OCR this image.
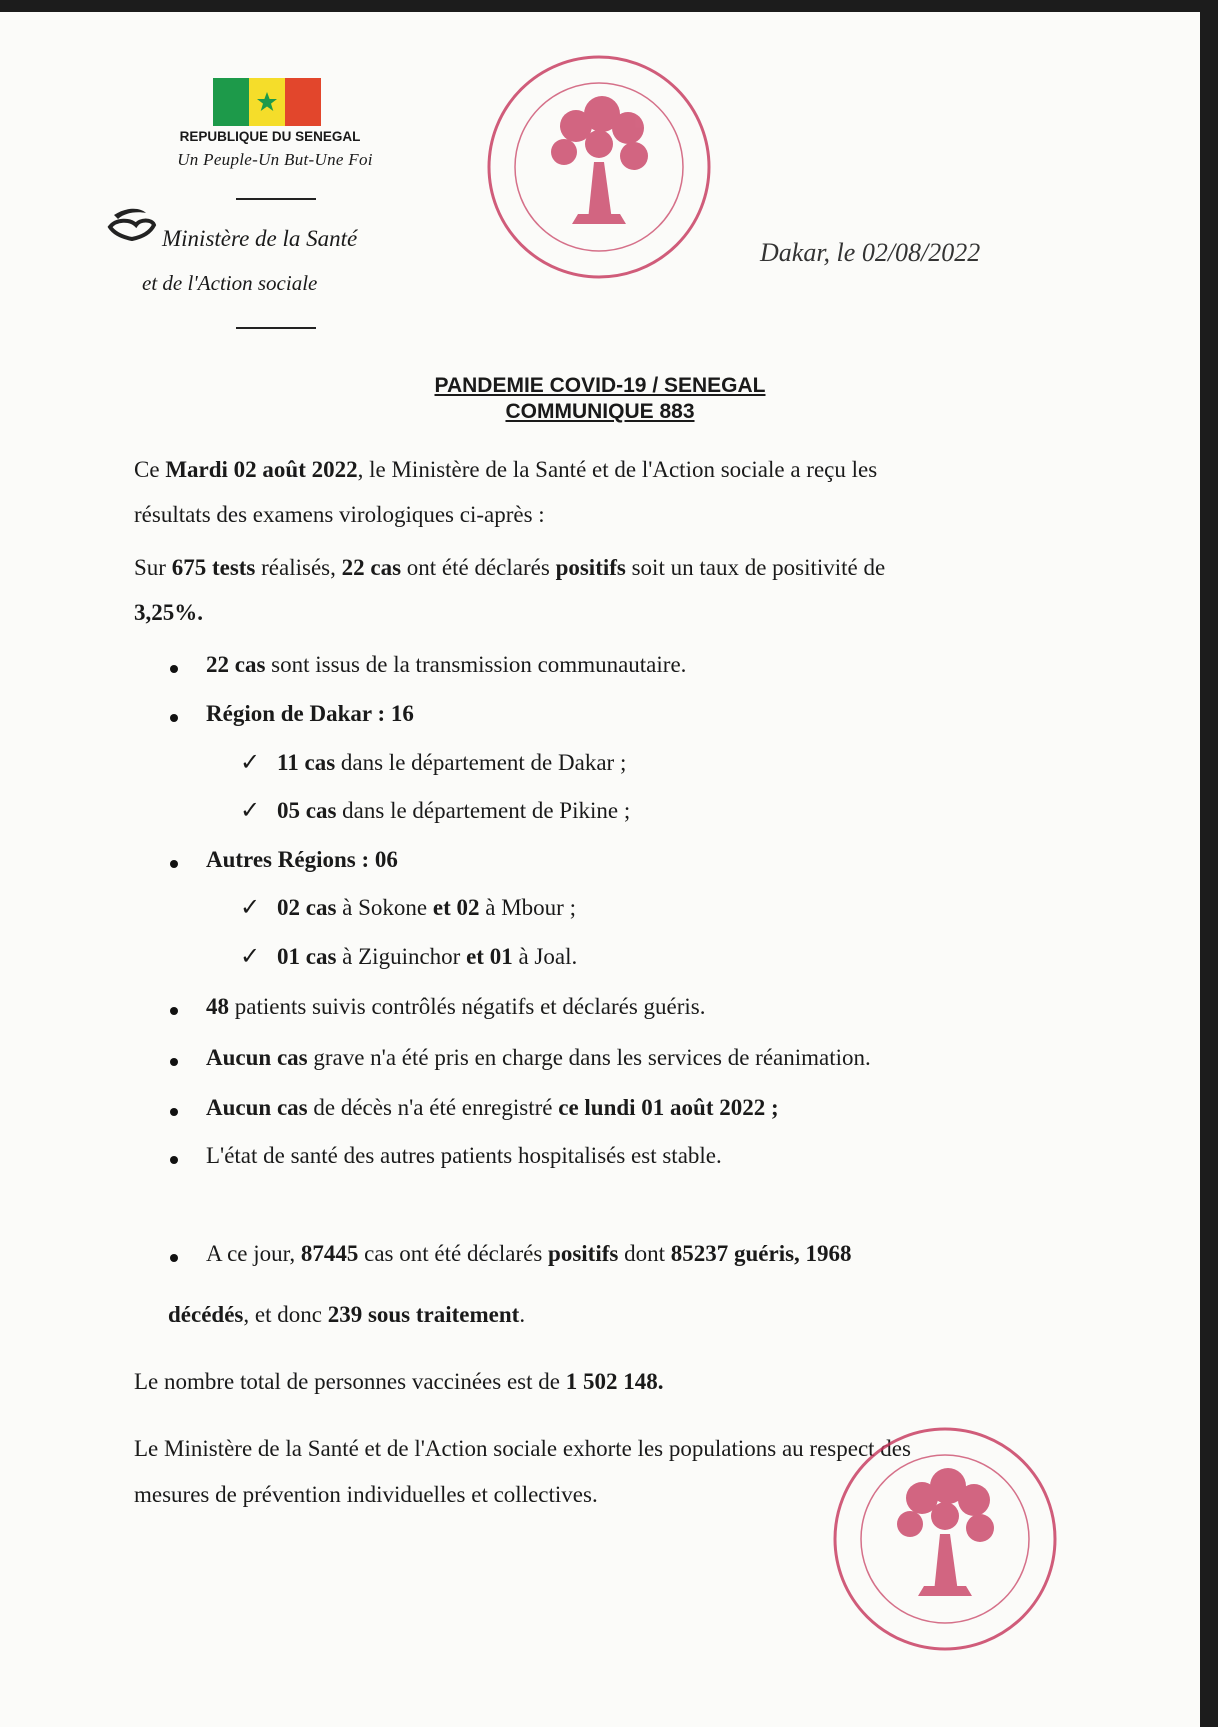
REPUBLIQUE DU SENEGAL
Un Peuple-Un But-Une Foi
Ministère de la Santé
et de l'Action sociale
Dakar, le 02/08/2022
PANDEMIE COVID-19 / SENEGAL
COMMUNIQUE 883
Ce Mardi 02 août 2022, le Ministère de la Santé et de l'Action sociale a reçu les
résultats des examens virologiques ci-après :
Sur 675 tests réalisés, 22 cas ont été déclarés positifs soit un taux de positivité de
3,25%.
22 cas sont issus de la transmission communautaire.
Région de Dakar : 16
✓ 11 cas dans le département de Dakar ;
✓ 05 cas dans le département de Pikine ;
Autres Régions : 06
✓ 02 cas à Sokone et 02 à Mbour ;
✓ 01 cas à Ziguinchor et 01 à Joal.
48 patients suivis contrôlés négatifs et déclarés guéris.
Aucun cas grave n'a été pris en charge dans les services de réanimation.
Aucun cas de décès n'a été enregistré ce lundi 01 août 2022 ;
L'état de santé des autres patients hospitalisés est stable.
A ce jour, 87445 cas ont été déclarés positifs dont 85237 guéris, 1968
décédés, et donc 239 sous traitement.
Le nombre total de personnes vaccinées est de 1 502 148.
Le Ministère de la Santé et de l'Action sociale exhorte les populations au respect des
mesures de prévention individuelles et collectives.
